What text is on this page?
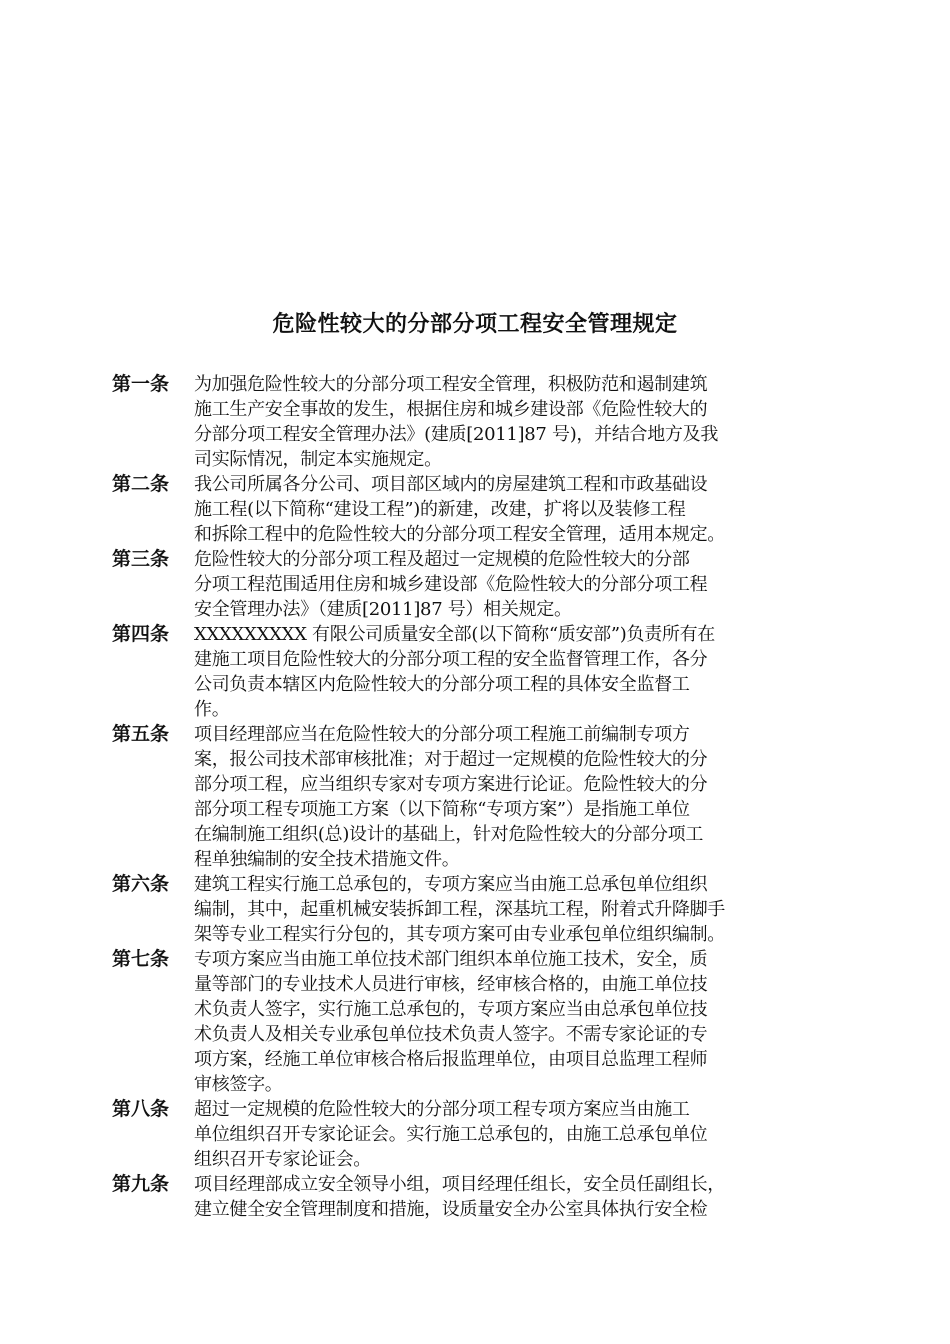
危险性较大的分部分项工程安全管理规定
第一条	为加强危险性较大的分部分项工程安全管理，积极防范和遏制建筑
施工生产安全事故的发生，根据住房和城乡建设部《危险性较大的
分部分项工程安全管理办法》(建质[2011]87 号)，并结合地方及我
司实际情况，制定本实施规定。
第二条	我公司所属各分公司、项目部区域内的房屋建筑工程和市政基础设
施工程(以下简称“建设工程”)的新建，改建，扩将以及装修工程
和拆除工程中的危险性较大的分部分项工程安全管理，适用本规定。
第三条	危险性较大的分部分项工程及超过一定规模的危险性较大的分部
分项工程范围适用住房和城乡建设部《危险性较大的分部分项工程
安全管理办法》（建质[2011]87 号）相关规定。
第四条	XXXXXXXXX 有限公司质量安全部(以下简称“质安部”)负责所有在
建施工项目危险性较大的分部分项工程的安全监督管理工作，各分
公司负责本辖区内危险性较大的分部分项工程的具体安全监督工
作。
第五条	项目经理部应当在危险性较大的分部分项工程施工前编制专项方
案，报公司技术部审核批准；对于超过一定规模的危险性较大的分
部分项工程，应当组织专家对专项方案进行论证。危险性较大的分
部分项工程专项施工方案（以下简称“专项方案”）是指施工单位
在编制施工组织(总)设计的基础上，针对危险性较大的分部分项工
程单独编制的安全技术措施文件。
第六条	建筑工程实行施工总承包的，专项方案应当由施工总承包单位组织
编制，其中，起重机械安装拆卸工程，深基坑工程，附着式升降脚手
架等专业工程实行分包的，其专项方案可由专业承包单位组织编制。
第七条	专项方案应当由施工单位技术部门组织本单位施工技术，安全，质
量等部门的专业技术人员进行审核，经审核合格的，由施工单位技
术负责人签字，实行施工总承包的，专项方案应当由总承包单位技
术负责人及相关专业承包单位技术负责人签字。不需专家论证的专
项方案，经施工单位审核合格后报监理单位，由项目总监理工程师
审核签字。
第八条	超过一定规模的危险性较大的分部分项工程专项方案应当由施工
单位组织召开专家论证会。实行施工总承包的，由施工总承包单位
组织召开专家论证会。
第九条	项目经理部成立安全领导小组，项目经理任组长，安全员任副组长，
建立健全安全管理制度和措施，设质量安全办公室具体执行安全检
